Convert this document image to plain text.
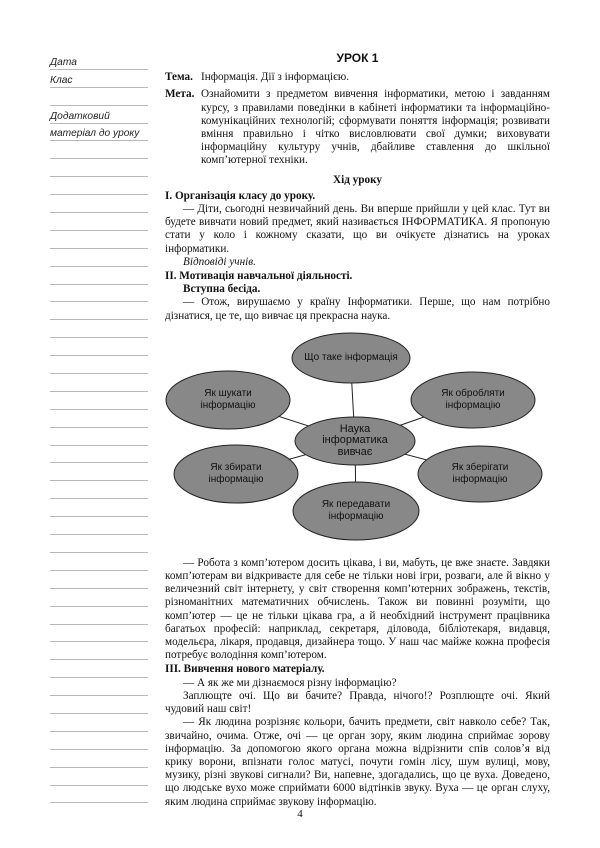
Дата
Клас
Додатковий
матеріал до уроку
УРОК 1
Тема. Інформація. Дії з інформацією.
Мета. Ознайомити з предметом вивчення інформатики, метою і завданням курсу, з правилами поведінки в кабінеті інформатики та інформаційно-комунікаційних технологій; сформувати поняття інформація; розвивати вміння правильно і чітко висловлювати свої думки; виховувати інформаційну культуру учнів, дбайливе ставлення до шкільної комп’ютерної техніки.
Хід уроку
I. Організація класу до уроку.

— Діти, сьогодні незвичайний день. Ви вперше прийшли у цей клас. Тут ви будете вивчати новий предмет, який називається ІНФОРМАТИКА. Я пропоную стати у коло і кожному сказати, що ви очікуєте дізнатись на уроках інформатики.

Відповіді учнів.
II. Мотивація навчальної діяльності.
Вступна бесіда.

— Отож, вирушаємо у країну Інформатики. Перше, що нам потрібно дізнатися, це те, що вивчає ця прекрасна наука.

Що таке інформація
Як шукати інформацію
Як обробляти інформацію
Як збирати інформацію
Як зберігати інформацію
Як передавати інформацію
Наука інформатика вивчає

— Робота з комп’ютером досить цікава, і ви, мабуть, це вже знаєте. Завдяки комп’ютерам ви відкриваєте для себе не тільки нові ігри, розваги, але й вікно у величезний світ інтернету, у світ створення комп’ютерних зображень, текстів, різноманітних математичних обчислень. Також ви повинні розуміти, що комп’ютер — це не тільки цікава гра, а й необхідний інструмент працівника багатьох професій: наприклад, секретаря, діловода, бібліотекаря, видавця, модельєра, лікаря, продавця, дизайнера тощо. У наш час майже кожна професія потребує володіння комп’ютером.

III. Вивчення нового матеріалу.

— А як же ми дізнаємося різну інформацію?

Заплющте очі. Що ви бачите? Правда, нічого!? Розплющте очі. Який чудовий наш світ!

— Як людина розрізняє кольори, бачить предмети, світ навколо себе? Так, звичайно, очима. Отже, очі — це орган зору, яким людина сприймає зорову інформацію. За допомогою якого органа можна відрізнити спів соловʼя від крику ворони, впізнати голос матусі, почути гомін лісу, шум вулиці, мову, музику, різні звукові сигнали? Ви, напевне, здогадались, що це вуха. Доведено, що людське вухо може сприймати 6000 відтінків звуку. Вуха — це орган слуху, яким людина сприймає звукову інформацію.

4
